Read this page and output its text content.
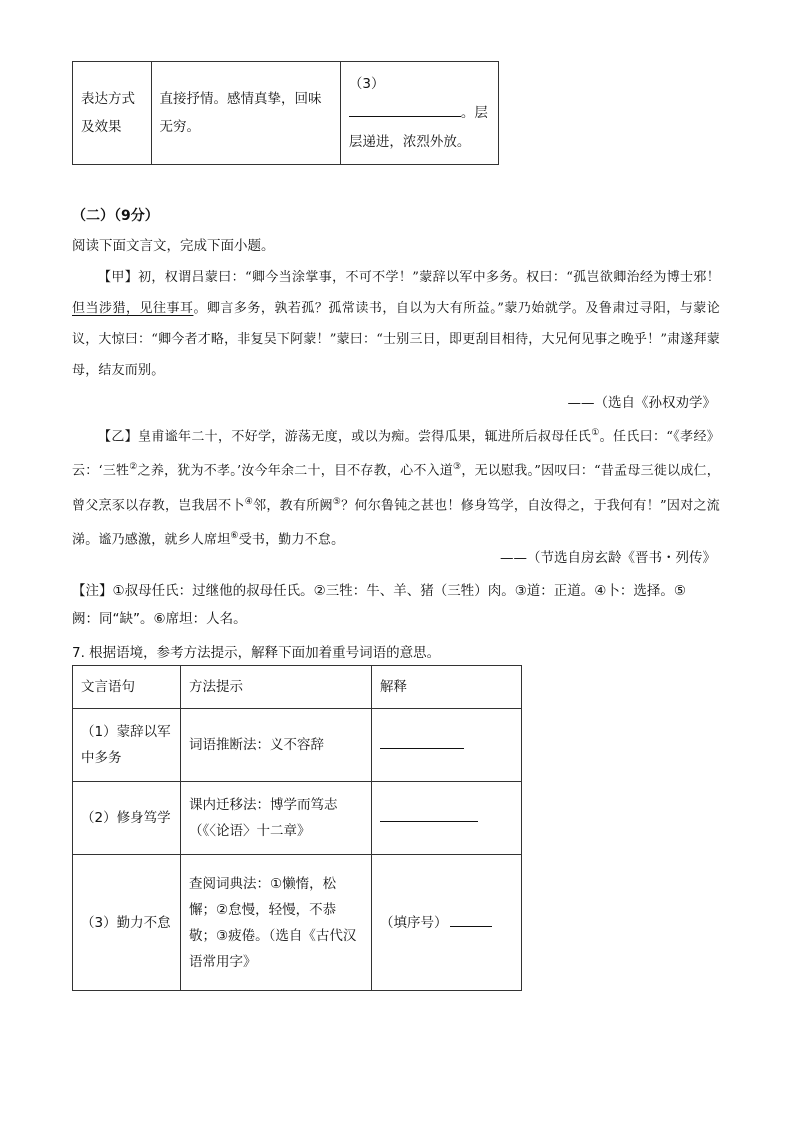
表达方式及效果	直接抒情。感情真挚，回味无穷。	（3）
。层层递进，浓烈外放。
（二）（9分）
阅读下面文言文，完成下面小题。

【甲】初，权谓吕蒙曰：“卿今当涂掌事，不可不学！”蒙辞以军中多务。权曰：“孤岂欲卿治经为博士邪！但当涉猎，见往事耳。卿言多务，孰若孤？孤常读书，自以为大有所益。”蒙乃始就学。及鲁肃过寻阳，与蒙论议，大惊曰：“卿今者才略，非复吴下阿蒙！”蒙曰：“士别三日，即更刮目相待，大兄何见事之晚乎！”肃遂拜蒙母，结友而别。

——（选自《孙权劝学》

【乙】皇甫谧年二十，不好学，游荡无度，或以为痴。尝得瓜果，辄进所后叔母任氏①。任氏曰：“《孝经》云：‘三牲②之养，犹为不孝。’汝今年余二十，目不存教，心不入道③，无以慰我。”因叹曰：“昔孟母三徙以成仁，曾父烹豕以存教，岂我居不卜④邻，教有所阙⑤？何尔鲁钝之甚也！修身笃学，自汝得之，于我何有！”因对之流涕。谧乃感激，就乡人席坦⑥受书，勤力不怠。

——（节选自房玄龄《晋书・列传》
【注】①叔母任氏：过继他的叔母任氏。②三牲：牛、羊、猪（三牲）肉。③道：正道。④卜：选择。⑤
阙：同“缺”。⑥席坦：人名。
7. 根据语境，参考方法提示，解释下面加着重号词语的意思。
文言语句	方法提示	解释
（1）蒙辞以军中多务	词语推断法：义不容辞	
（2）修身笃学	课内迁移法：博学而笃志（《〈论语〉十二章》	
（3）勤力不怠	查阅词典法：①懒惰，松懈；②怠慢，轻慢，不恭敬；③疲倦。（选自《古代汉语常用字》	（填序号）
